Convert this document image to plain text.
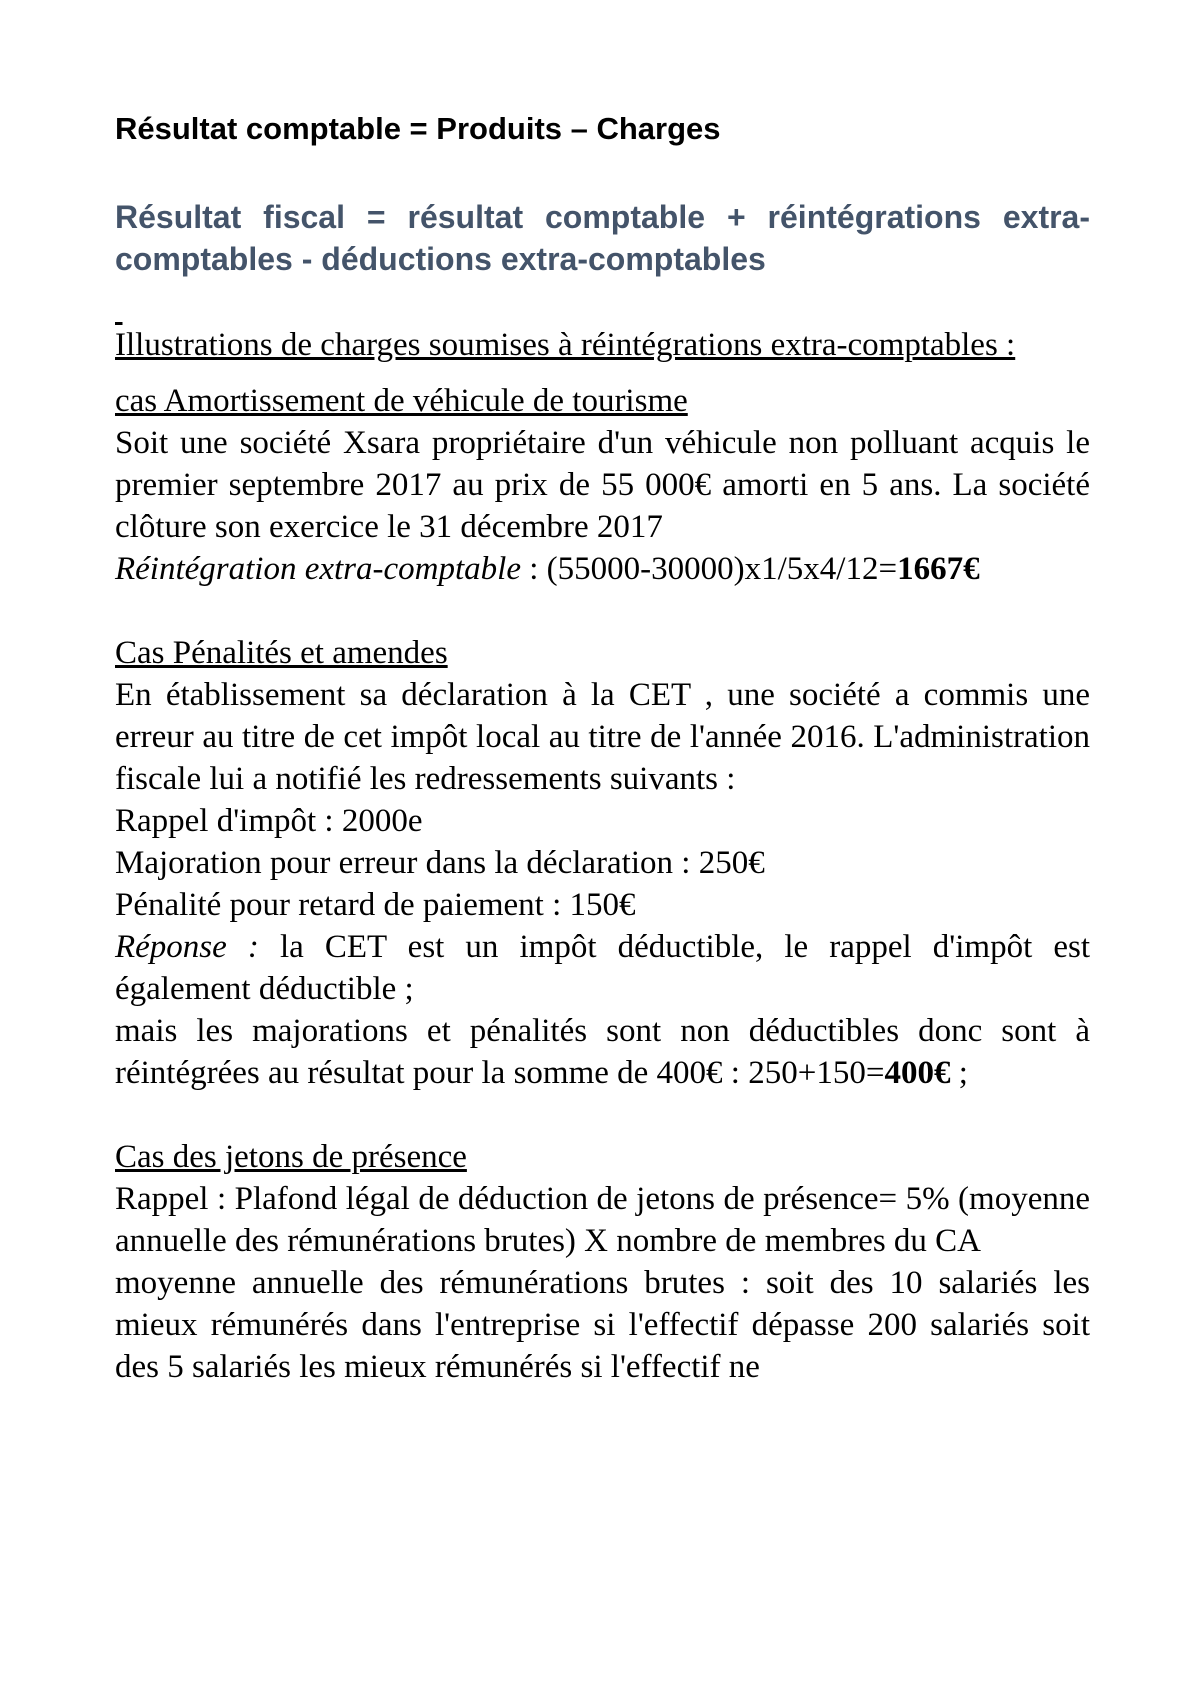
Résultat comptable = Produits – Charges

Résultat fiscal = résultat comptable + réintégrations extra-comptables - déductions extra-comptables

Illustrations de charges soumises à réintégrations extra-comptables :

cas Amortissement de véhicule de tourisme

Soit une société Xsara propriétaire d'un véhicule non polluant acquis le premier septembre 2017 au prix de 55 000€ amorti en 5 ans. La société clôture son exercice le 31 décembre 2017

Réintégration extra-comptable : (55000-30000)x1/5x4/12=1667€

Cas Pénalités et amendes

En établissement sa déclaration à la CET , une société a commis une erreur au titre de cet impôt local au titre de l'année 2016. L'administration fiscale lui a notifié les redressements suivants :

Rappel d'impôt : 2000e

Majoration pour erreur dans la déclaration : 250€

Pénalité pour retard de paiement : 150€

Réponse : la CET est un impôt déductible, le rappel d'impôt est également déductible ;

mais les majorations et pénalités sont non déductibles donc sont à réintégrées au résultat pour la somme de 400€ : 250+150=400€ ;

Cas des jetons de présence

Rappel : Plafond légal de déduction de jetons de présence= 5% (moyenne annuelle des rémunérations brutes) X nombre de membres du CA

moyenne annuelle des rémunérations brutes : soit des 10 salariés les mieux rémunérés dans l'entreprise si l'effectif dépasse 200 salariés soit des 5 salariés les mieux rémunérés si l'effectif ne
